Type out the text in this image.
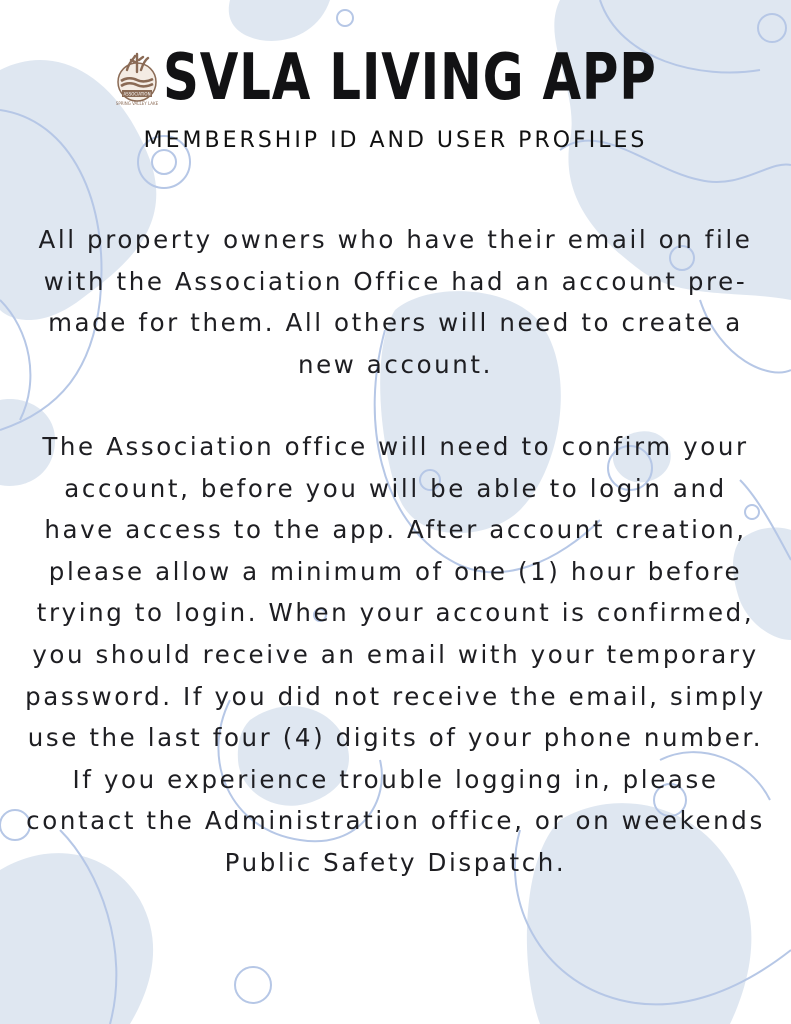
ASSOCIATION
SPRING VALLEY LAKE SVLA LIVING APP
MEMBERSHIP ID AND USER PROFILES

All property owners who have their email on file with the Association Office had an account pre-made for them. All others will need to create a new account.

The Association office will need to confirm your account, before you will be able to login and have access to the app. After account creation, please allow a minimum of one (1) hour before trying to login. When your account is confirmed, you should receive an email with your temporary password. If you did not receive the email, simply use the last four (4) digits of your phone number. If you experience trouble logging in, please contact the Administration office, or on weekends Public Safety Dispatch.
